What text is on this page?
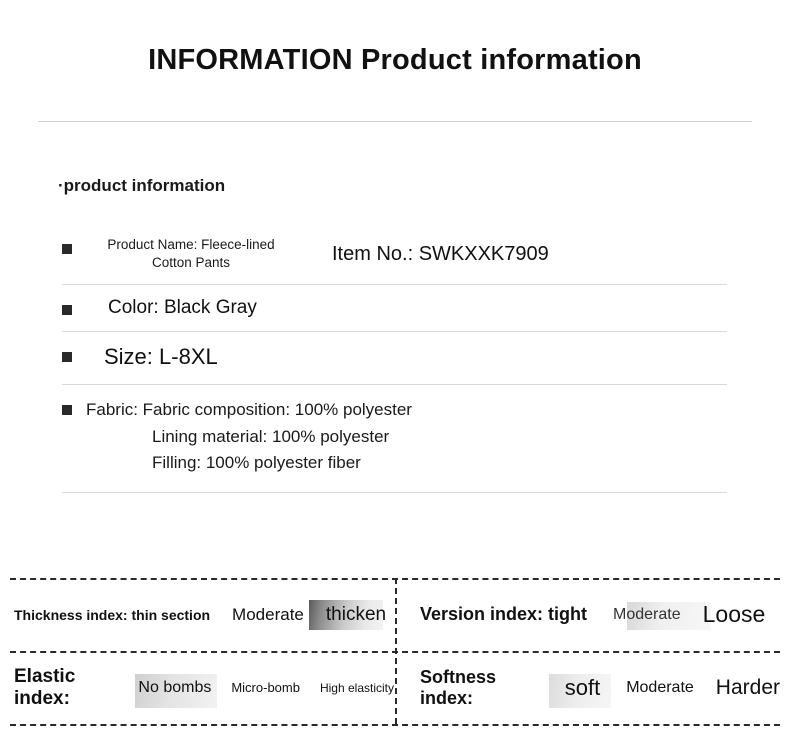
INFORMATION Product information
·product information
Product Name: Fleece-lined Cotton Pants	Item No.: SWKXXK7909
Color: Black Gray
Size: L-8XL
Fabric: Fabric composition: 100% polyester
Lining material: 100% polyester
Filling: 100% polyester fiber
Thickness index: thin section Moderate thicken Version index: tight Moderate Loose
Elastic index:
No bombs Micro-bomb High elasticity
Softness index:	soft Moderate Harder
